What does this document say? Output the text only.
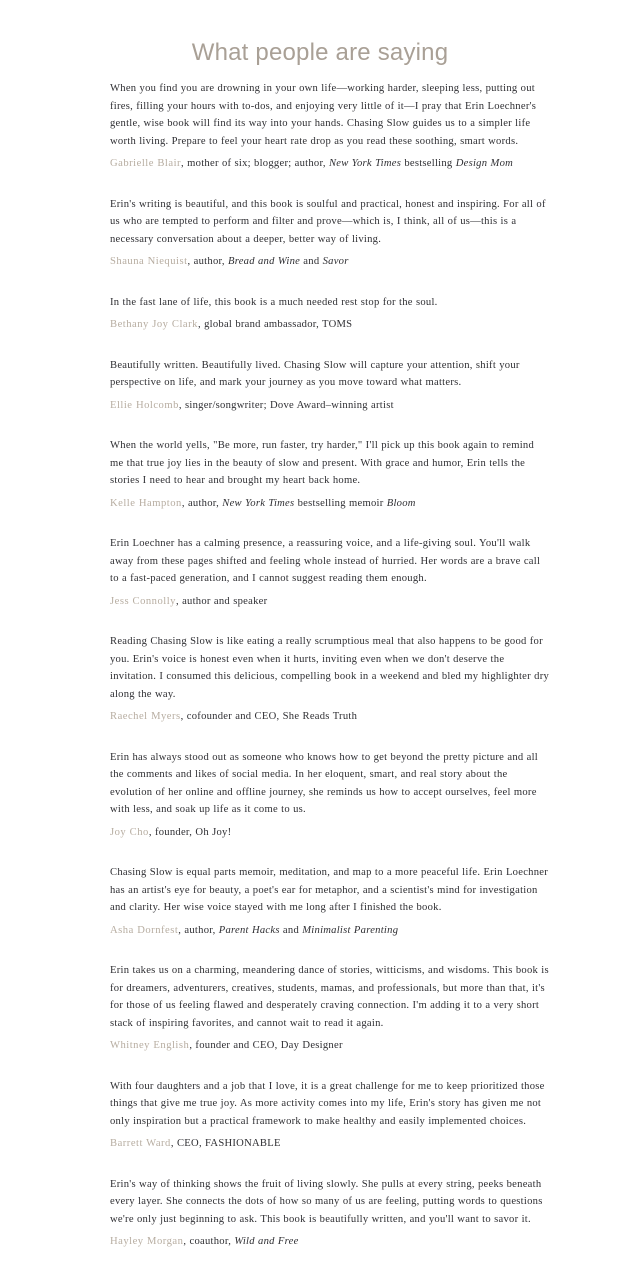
What people are saying

When you find you are drowning in your own life—working harder, sleeping less, putting out fires, filling your hours with to-dos, and enjoying very little of it—I pray that Erin Loechner's gentle, wise book will find its way into your hands. Chasing Slow guides us to a simpler life worth living. Prepare to feel your heart rate drop as you read these soothing, smart words.

Gabrielle Blair, mother of six; blogger; author, New York Times bestselling Design Mom

Erin's writing is beautiful, and this book is soulful and practical, honest and inspiring. For all of us who are tempted to perform and filter and prove—which is, I think, all of us—this is a necessary conversation about a deeper, better way of living.

Shauna Niequist, author, Bread and Wine and Savor

In the fast lane of life, this book is a much needed rest stop for the soul.

Bethany Joy Clark, global brand ambassador, TOMS

Beautifully written. Beautifully lived. Chasing Slow will capture your attention, shift your perspective on life, and mark your journey as you move toward what matters.

Ellie Holcomb, singer/songwriter; Dove Award–winning artist

When the world yells, "Be more, run faster, try harder," I'll pick up this book again to remind me that true joy lies in the beauty of slow and present. With grace and humor, Erin tells the stories I need to hear and brought my heart back home.

Kelle Hampton, author, New York Times bestselling memoir Bloom

Erin Loechner has a calming presence, a reassuring voice, and a life-giving soul. You'll walk away from these pages shifted and feeling whole instead of hurried. Her words are a brave call to a fast-paced generation, and I cannot suggest reading them enough.

Jess Connolly, author and speaker

Reading Chasing Slow is like eating a really scrumptious meal that also happens to be good for you. Erin's voice is honest even when it hurts, inviting even when we don't deserve the invitation. I consumed this delicious, compelling book in a weekend and bled my highlighter dry along the way.

Raechel Myers, cofounder and CEO, She Reads Truth

Erin has always stood out as someone who knows how to get beyond the pretty picture and all the comments and likes of social media. In her eloquent, smart, and real story about the evolution of her online and offline journey, she reminds us how to accept ourselves, feel more with less, and soak up life as it come to us.

Joy Cho, founder, Oh Joy!

Chasing Slow is equal parts memoir, meditation, and map to a more peaceful life. Erin Loechner has an artist's eye for beauty, a poet's ear for metaphor, and a scientist's mind for investigation and clarity. Her wise voice stayed with me long after I finished the book.

Asha Dornfest, author, Parent Hacks and Minimalist Parenting

Erin takes us on a charming, meandering dance of stories, witticisms, and wisdoms. This book is for dreamers, adventurers, creatives, students, mamas, and professionals, but more than that, it's for those of us feeling flawed and desperately craving connection. I'm adding it to a very short stack of inspiring favorites, and cannot wait to read it again.

Whitney English, founder and CEO, Day Designer

With four daughters and a job that I love, it is a great challenge for me to keep prioritized those things that give me true joy. As more activity comes into my life, Erin's story has given me not only inspiration but a practical framework to make healthy and easily implemented choices.

Barrett Ward, CEO, FASHIONABLE

Erin's way of thinking shows the fruit of living slowly. She pulls at every string, peeks beneath every layer. She connects the dots of how so many of us are feeling, putting words to questions we're only just beginning to ask. This book is beautifully written, and you'll want to savor it.

Hayley Morgan, coauthor, Wild and Free
